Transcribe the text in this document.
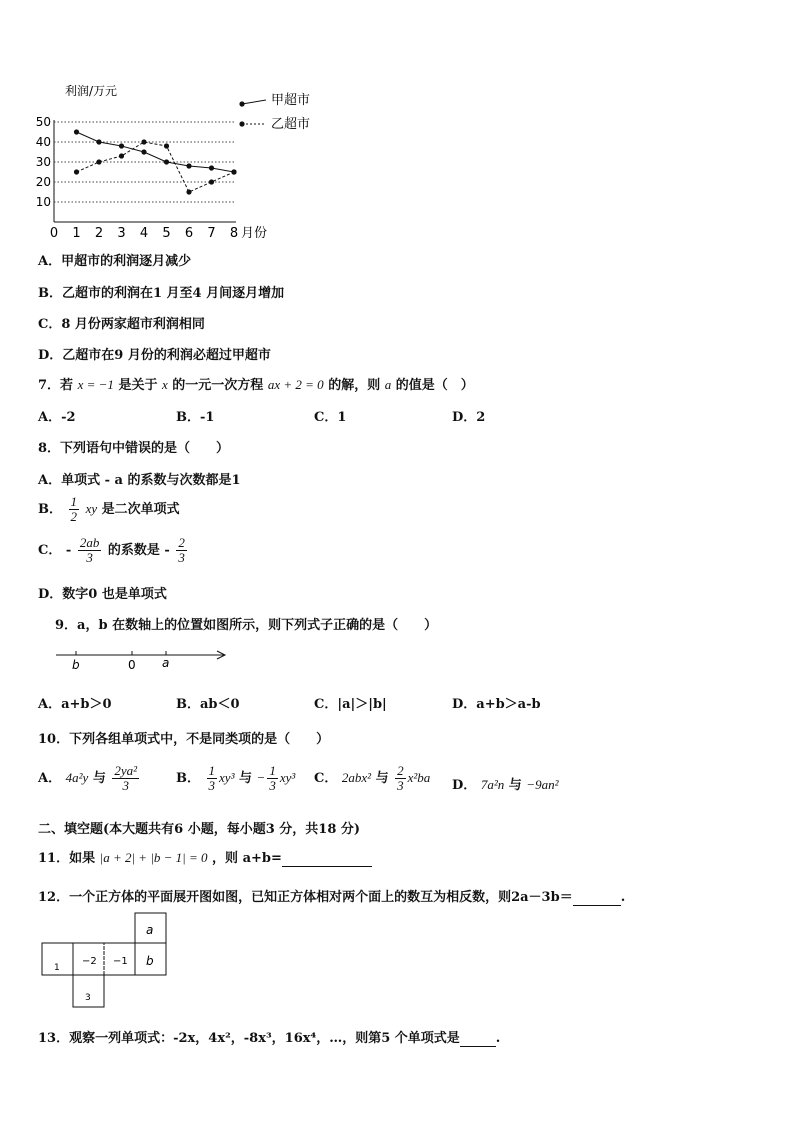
利润/万元
10
20
30
40
50
0 1 2 3 4 5 6 7 8 月份
甲超市
乙超市
A．甲超市的利润逐月减少
B．乙超市的利润在1 月至4 月间逐月增加
C．8 月份两家超市利润相同
D．乙超市在9 月份的利润必超过甲超市
7．若 x = −1 是关于 x 的一元一次方程 ax + 2 = 0 的解，则 a 的值是（　）
A．-2	B．-1	C．1	D．2
8．下列语句中错误的是（　　）
A．单项式 - a 的系数与次数都是1
B． $\frac{1}{2}$ xy 是二次单项式
C． - $\frac{2ab}{3}$ 的系数是 - $\frac{2}{3}$
D．数字0 也是单项式
9．a，b 在数轴上的位置如图所示，则下列式子正确的是（　　）
b	0 a
A．a+b＞0	B．ab＜0	C．|a|＞|b|	D．a+b＞a-b
10．下列各组单项式中，不是同类项的是（　　）
A． 4a²y 与 $\frac{\text{2ya²}}{3}$	B． $\frac{1}{3} xy^3$ 与 − $\frac{1}{3} xy^3$ C． 2abx² 与 $\frac{2}{3} x^2ba$
D． 7a²n 与 −9an²
二、填空题(本大题共有6 小题，每小题3 分，共18 分)
11．如果 |a + 2| + |b − 1| = 0 ，则 a+b=
12．一个正方体的平面展开图如图，已知正方体相对两个面上的数互为相反数，则2a－3b＝	.
a
b
1
−2 −1
3
13．观察一列单项式：-2x，4x²，-8x³，16x⁴，…，则第5 个单项式是	.
